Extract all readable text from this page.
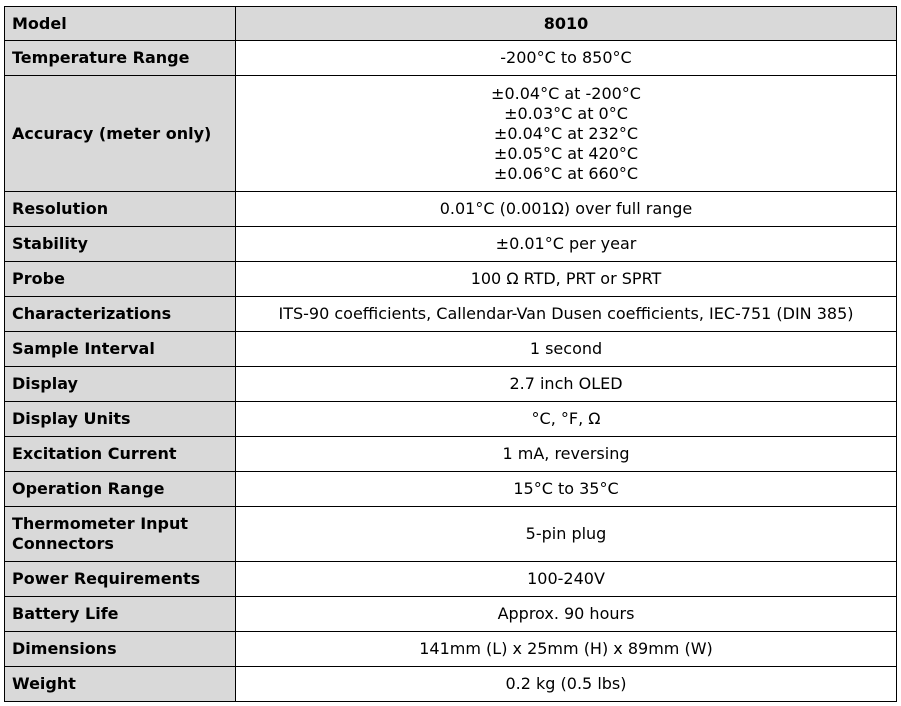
Model	8010
Temperature Range	-200°C to 850°C
Accuracy (meter only)	±0.04°C at -200°C
±0.03°C at 0°C
±0.04°C at 232°C
±0.05°C at 420°C
±0.06°C at 660°C

Resolution	0.01°C (0.001Ω) over full range
Stability	±0.01°C per year
Probe	100 Ω RTD, PRT or SPRT
Characterizations	ITS-90 coefficients, Callendar-Van Dusen coefficients, IEC-751 (DIN 385)
Sample Interval	1 second
Display	2.7 inch OLED
Display Units	°C, °F, Ω
Excitation Current	1 mA, reversing
Operation Range	15°C to 35°C

Thermometer Input
Connectors	5-pin plug
Power Requirements	100-240V
Battery Life	Approx. 90 hours
Dimensions	141mm (L) x 25mm (H) x 89mm (W)
Weight	0.2 kg (0.5 lbs)
